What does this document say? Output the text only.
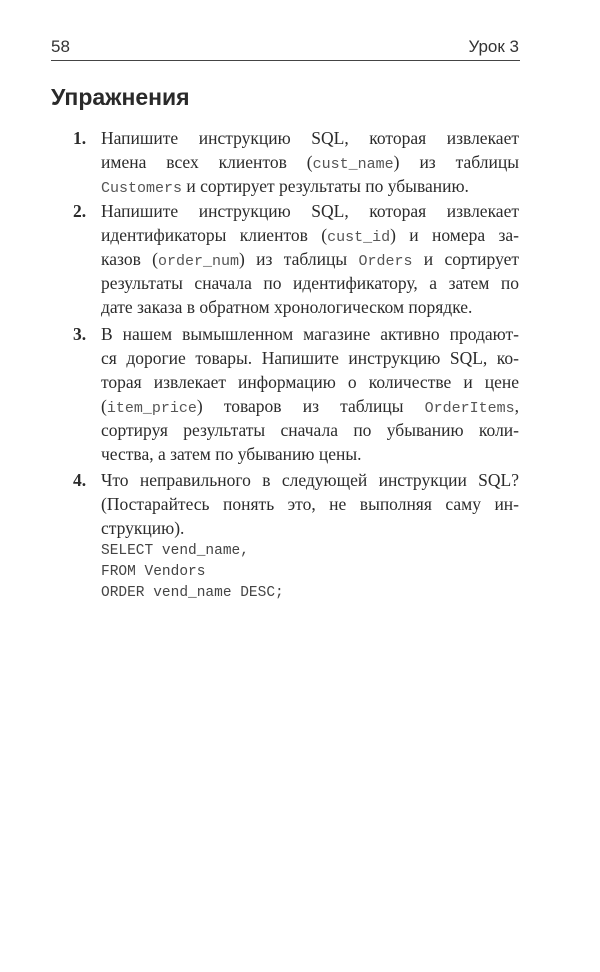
58	Урок 3
Упражнения
1. Напишите инструкцию SQL, которая извлекает
имена всех клиентов (cust_name) из таблицы
Customers и сортирует результаты по убыванию.
2. Напишите инструкцию SQL, которая извлекает
идентификаторы клиентов (cust_id) и номера за-
казов (order_num) из таблицы Orders и сортирует
результаты сначала по идентификатору, а затем по
дате заказа в обратном хронологическом порядке.
3. В нашем вымышленном магазине активно продают-
ся дорогие товары. Напишите инструкцию SQL, ко-
торая извлекает информацию о количестве и цене
(item_price) товаров из таблицы OrderItems,
сортируя результаты сначала по убыванию коли-
чества, а затем по убыванию цены.
4. Что неправильного в следующей инструкции SQL?
(Постарайтесь понять это, не выполняя саму ин-
струкцию).
SELECT vend_name,
FROM Vendors
ORDER vend_name DESC;
